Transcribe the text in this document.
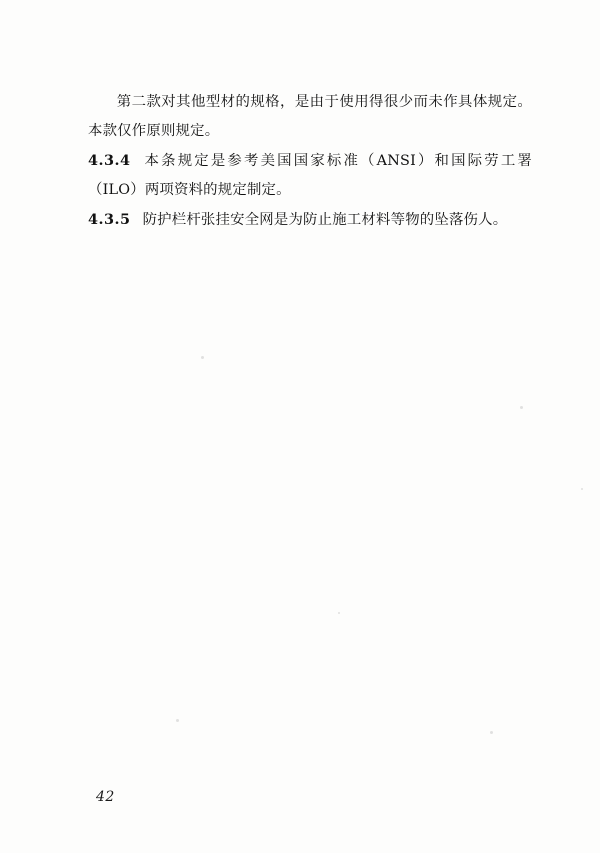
第二款对其他型材的规格，是由于使用得很少而未作具体规定。本款仅作原则规定。

4.3.4 本条规定是参考美国国家标准（ANSI）和国际劳工署（ILO）两项资料的规定制定。

4.3.5 防护栏杆张挂安全网是为防止施工材料等物的坠落伤人。

42
